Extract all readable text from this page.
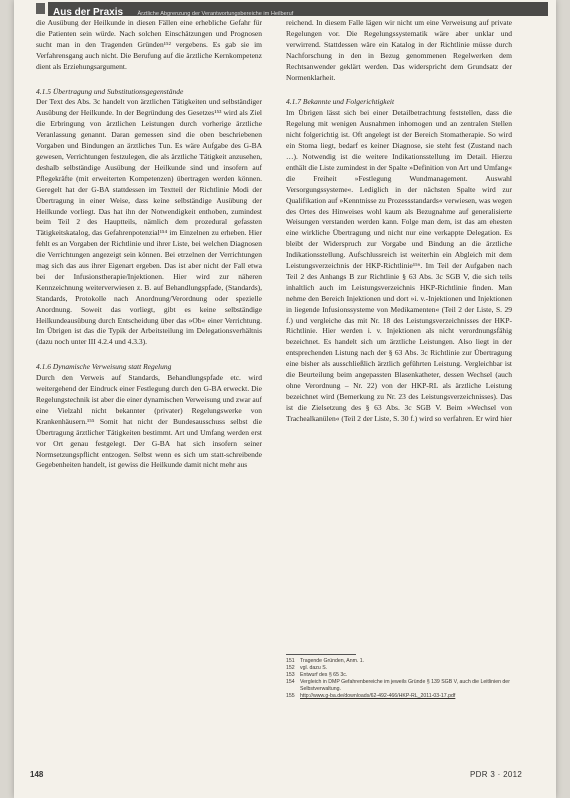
Aus der Praxis	Ärztliche Abgrenzung der Verantwortungsbereiche im Heilberuf

die Ausübung der Heilkunde in diesen Fällen eine erhebliche Gefahr für die Patienten sein würde. Nach solchen Einschätzungen und Prognosen sucht man in den Tragenden Gründen¹⁵² vergebens. Es gab sie im Verfahrensgang auch nicht. Die Berufung auf die ärztliche Kernkompetenz dient als Erziehungsargument.

4.1.5 Übertragung und Substitutionsgegenstände

Der Text des Abs. 3c handelt von ärztlichen Tätigkeiten und selbständiger Ausübung der Heilkunde. In der Begründung des Gesetzes¹⁵³ wird als Ziel die Erbringung von ärztlichen Leistungen durch vorherige ärztliche Veranlassung genannt. Daran gemessen sind die oben beschriebenen Vorgaben und Bindungen an ärztliches Tun. Es wäre Aufgabe des G-BA gewesen, Verrichtungen festzulegen, die als ärztliche Tätigkeit anzusehen, deshalb selbständige Ausübung der Heilkunde sind und insofern auf Pflegekräfte (mit erweiterten Kompetenzen) übertragen werden können. Geregelt hat der G-BA stattdessen im Textteil der Richtlinie Modi der Übertragung in einer Weise, dass keine selbständige Ausübung der Heilkunde vorliegt. Das hat ihn der Notwendigkeit enthoben, zumindest beim Teil 2 des Hauptteils, nämlich dem prozedural gefassten Tätigkeitskatalog, das Gefahrenpotenzial¹⁵⁴ im Einzelnen zu erheben. Hier fehlt es an Vorgaben der Richtlinie und ihrer Liste, bei welchen Diagnosen die Verrichtungen angezeigt sein können. Bei etrzelnen der Verrichtungen mag sich das aus ihrer Eigenart ergeben. Das ist aber nicht der Fall etwa bei der Infusionstherapie/Injektionen. Hier wird zur näheren Kennzeichnung weiterverwiesen z. B. auf Behandlungspfade, (Standards), Standards, Protokolle nach Anordnung/Verordnung oder spezielle Anordnung. Soweit das vorliegt, gibt es keine selbständige Heilkundeausübung durch Entscheidung über das »Ob« einer Verrichtung. Im Übrigen ist das die Typik der Arbeitsteilung im Delegationsverhältnis (dazu noch unter III 4.2.4 und 4.3.3).

4.1.6 Dynamische Verweisung statt Regelung

Durch den Verweis auf Standards, Behandlungspfade etc. wird weitergehend der Eindruck einer Festlegung durch den G-BA erweckt. Die Regelungstechnik ist aber die einer dynamischen Verweisung und zwar auf eine Vielzahl nicht bekannter (privater) Regelungswerke von Krankenhäusern.¹⁵⁵ Somit hat nicht der Bundesausschuss selbst die Übertragung ärztlicher Tätigkeiten bestimmt. Art und Umfang werden erst vor Ort genau festgelegt. Der G-BA hat sich insofern seiner Normsetzungspflicht entzogen. Selbst wenn es sich um statt-schreibende Gegebenheiten handelt, ist gewiss die Heilkunde damit nicht mehr aus

reichend. In diesem Falle lägen wir nicht um eine Verweisung auf private Regelungen vor. Die Regelungssystematik wäre aber unklar und verwirrend. Stattdessen wäre ein Katalog in der Richtlinie müsse durch Nachforschung in den in Bezug genommenen Regelwerken dem Rechtsanwender geklärt werden. Das widerspricht dem Grundsatz der Normenklarheit.

4.1.7 Bekannte und Folgerichtigkeit

Im Übrigen lässt sich bei einer Detailbetrachtung feststellen, dass die Regelung mit wenigen Ausnahmen inhomogen und an zentralen Stellen nicht folgerichtig ist. Oft angelegt ist der Bereich Stomatherapie. So wird ein Stoma liegt, bedarf es keiner Diagnose, sie steht fest (Zustand nach …). Notwendig ist die weitere Indikationsstellung im Detail. Hierzu enthält die Liste zumindest in der Spalte »Definition von Art und Umfang« die Freiheit »Festlegung Wundmanagement. Auswahl Versorgungssysteme«. Lediglich in der nächsten Spalte wird zur Qualifikation auf »Kenntnisse zu Prozessstandards« verwiesen, was wegen des Ortes des Hinweises wohl kaum als Bezugnahme auf generalisierte Weisungen verstanden werden kann. Folge man dem, ist das am ehesten eine wirkliche Übertragung und nicht nur eine verkappte Delegation. Es bleibt der Widerspruch zur Vorgabe und Bindung an die ärztliche Indikationsstellung. Aufschlussreich ist weiterhin ein Abgleich mit dem Leistungsverzeichnis der HKP-Richtlinie¹⁵⁶. Im Teil der Aufgaben nach Teil 2 des Anhangs B zur Richtlinie § 63 Abs. 3c SGB V, die sich teils inhaltlich auch im Leistungsverzeichnis HKP-Richtlinie finden. Man nehme den Bereich Injektionen und dort »i. v.-Injektionen und Injektionen in liegende Infusionssysteme von Medikamenten« (Teil 2 der Liste, S. 29 f.) und vergleiche das mit Nr. 18 des Leistungsverzeichnisses der HKP-Richtlinie. Hier werden i. v. Injektionen als nicht verordnungsfähig bezeichnet. Es handelt sich um ärztliche Leistungen. Also liegt in der entsprechenden Listung nach der § 63 Abs. 3c Richtlinie zur Übertragung eine bisher als ausschließlich ärztlich geführten Leistung. Vergleichbar ist die Beurteilung beim angepassten Blasenkatheter, dessen Wechsel (auch ohne Verordnung – Nr. 22) von der HKP-RL als ärztliche Leistung bezeichnet wird (Bemerkung zu Nr. 23 des Leistungsverzeichnisses). Das ist die Zielsetzung des § 63 Abs. 3c SGB V. Beim »Wechsel von Trachealkanülen« (Teil 2 der Liste, S. 30 f.) wird so verfahren. Er wird hier

151	Tragende Gründen, Anm. 1.
152	vgl. dazu S.
153	Entwurf des § 65 3c.
154	Vergleich in DMP Gefahrenbereiche im jeweils Gründe § 139 SGB V, auch die Leitlinien der Selbstverwaltung.
155	http://www.g-ba.de/downloads/62-492-466/HKP-RL_2011-03-17.pdf
148	PDR 3 · 2012
